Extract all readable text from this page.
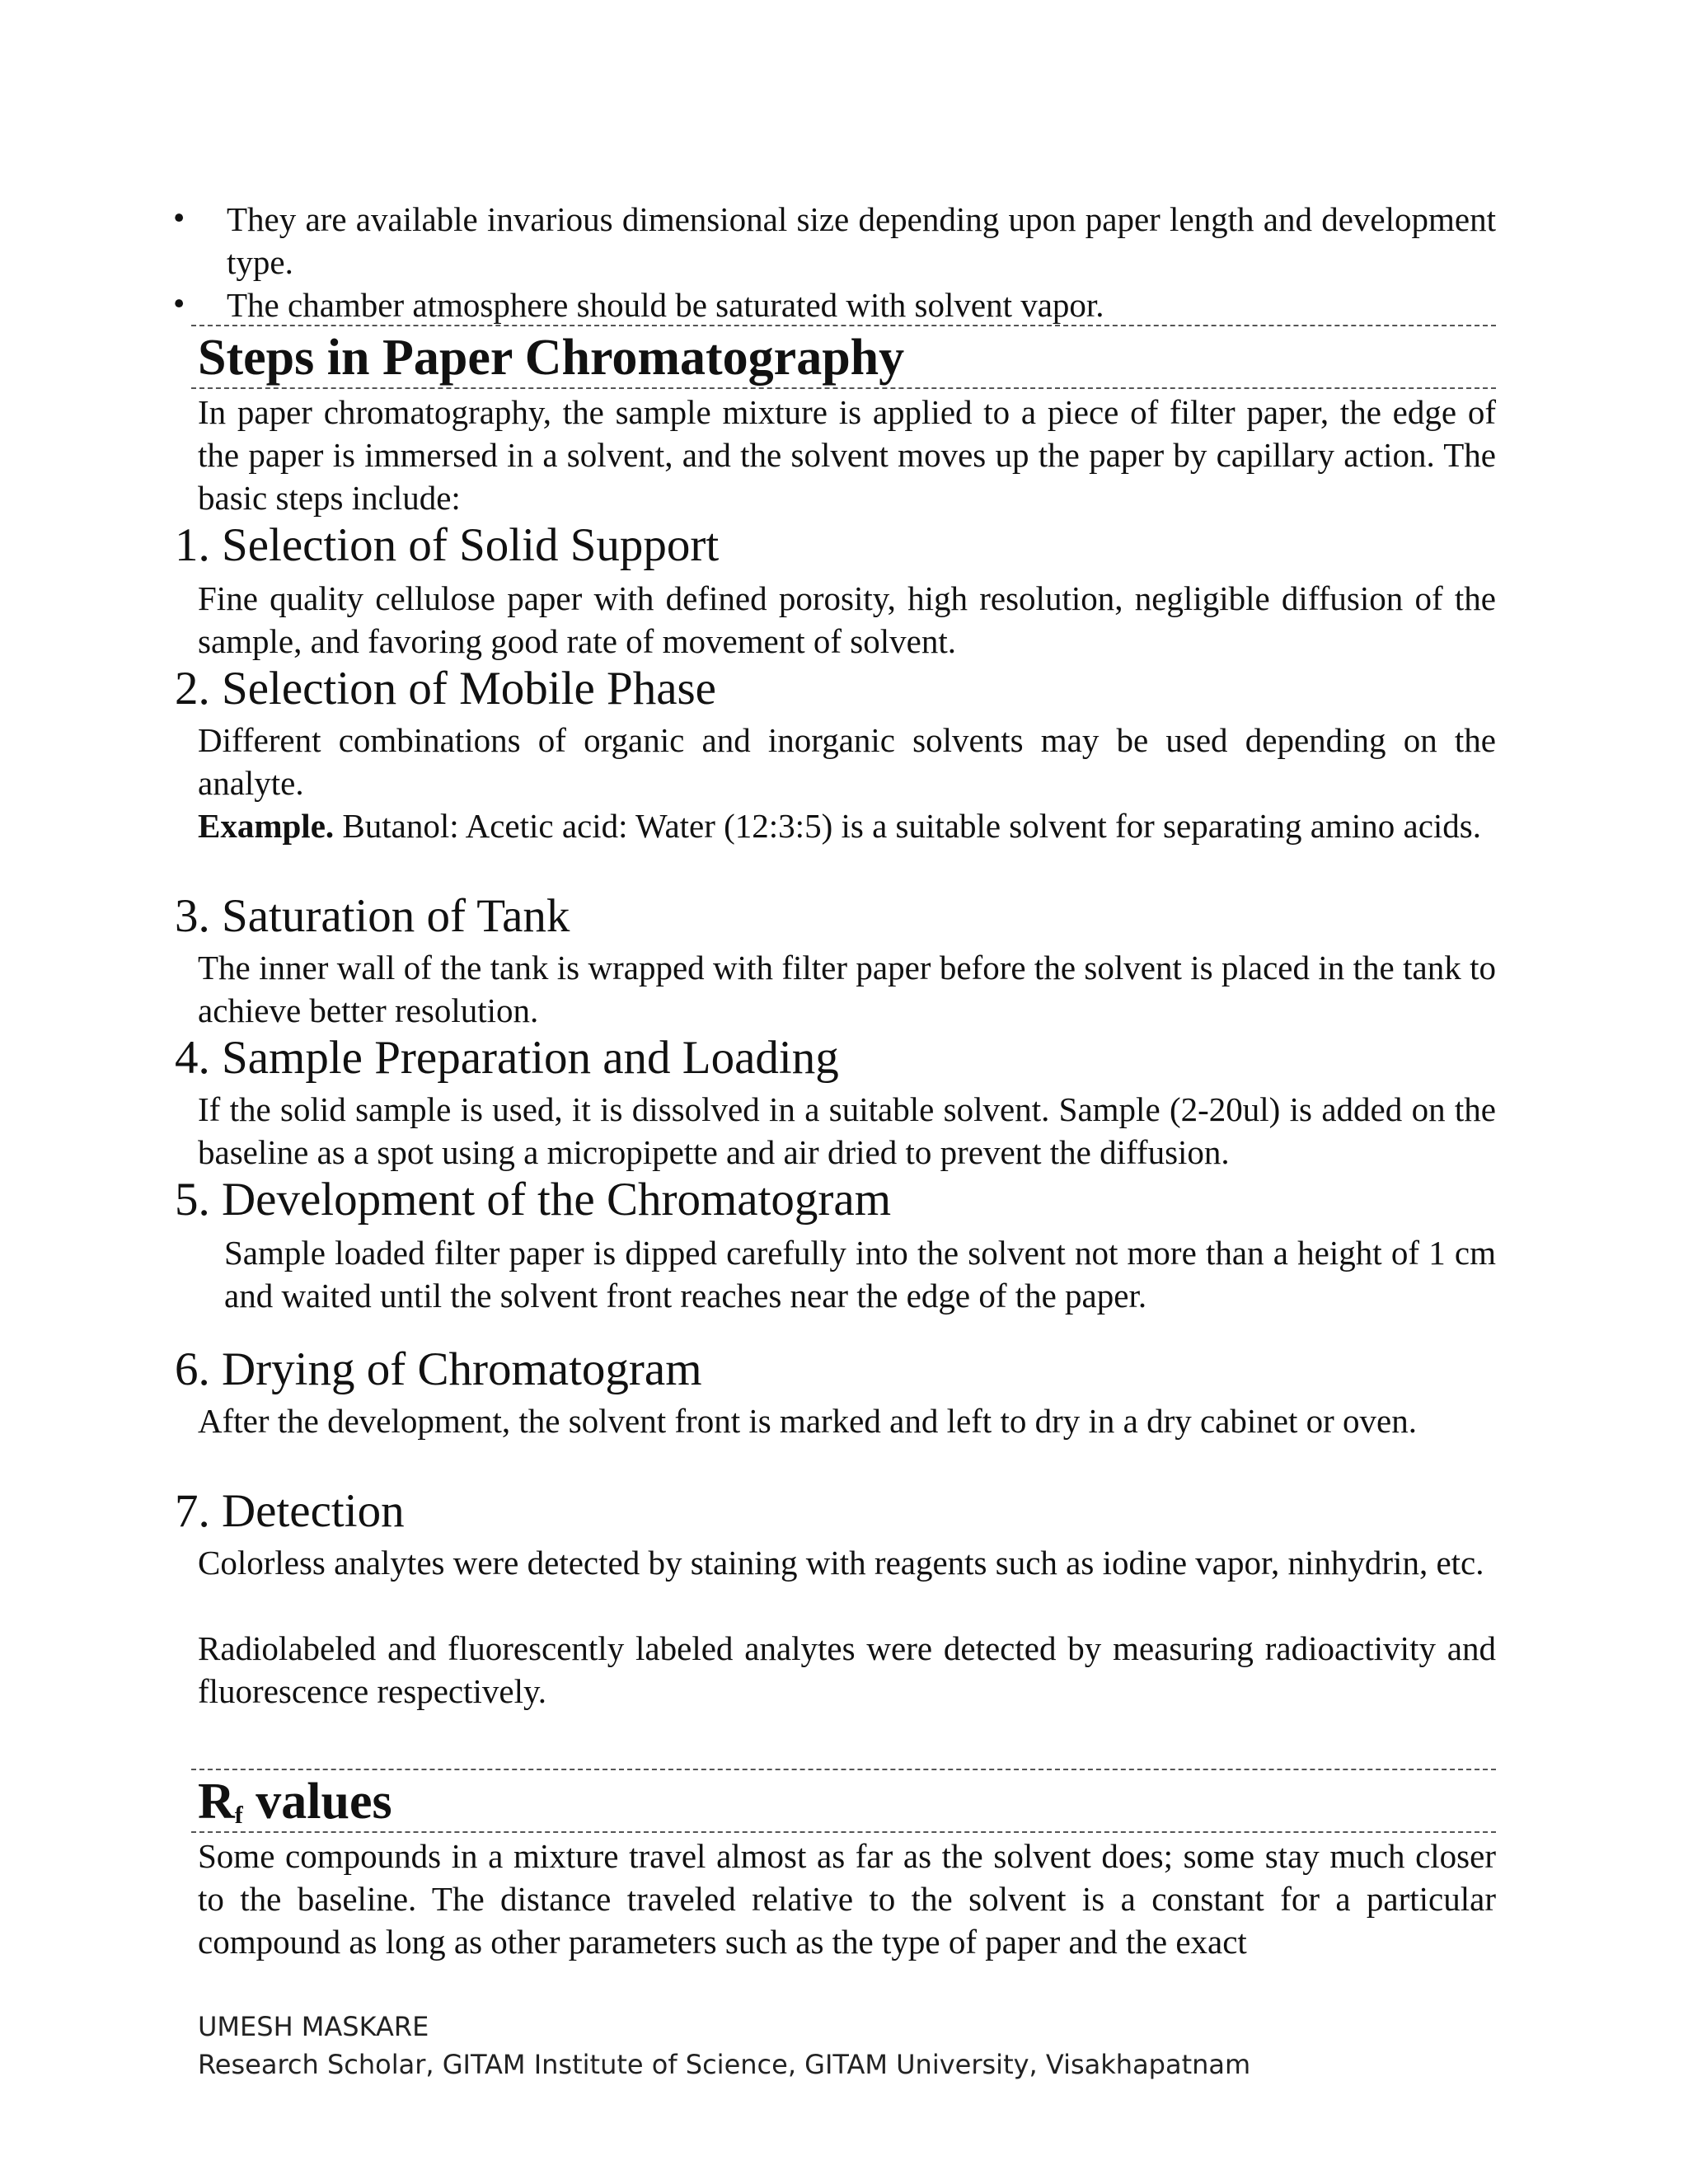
• They are available invarious dimensional size depending upon paper length and development type.

• The chamber atmosphere should be saturated with solvent vapor.

Steps in Paper Chromatography

In paper chromatography, the sample mixture is applied to a piece of filter paper, the edge of the paper is immersed in a solvent, and the solvent moves up the paper by capillary action. The basic steps include:

1. Selection of Solid Support

Fine quality cellulose paper with defined porosity, high resolution, negligible diffusion of the sample, and favoring good rate of movement of solvent.

2. Selection of Mobile Phase

Different combinations of organic and inorganic solvents may be used depending on the analyte.

Example. Butanol: Acetic acid: Water (12:3:5) is a suitable solvent for separating amino acids.

3. Saturation of Tank

The inner wall of the tank is wrapped with filter paper before the solvent is placed in the tank to achieve better resolution.

4. Sample Preparation and Loading

If the solid sample is used, it is dissolved in a suitable solvent. Sample (2-20ul) is added on the baseline as a spot using a micropipette and air dried to prevent the diffusion.

5. Development of the Chromatogram

Sample loaded filter paper is dipped carefully into the solvent not more than a height of 1 cm and waited until the solvent front reaches near the edge of the paper.

6. Drying of Chromatogram

After the development, the solvent front is marked and left to dry in a dry cabinet or oven.

7. Detection

Colorless analytes were detected by staining with reagents such as iodine vapor, ninhydrin, etc.

Radiolabeled and fluorescently labeled analytes were detected by measuring radioactivity and fluorescence respectively.

$R_f$ values

Some compounds in a mixture travel almost as far as the solvent does; some stay much closer to the baseline. The distance traveled relative to the solvent is a constant for a particular compound as long as other parameters such as the type of paper and the exact

UMESH MASKARE
Research Scholar, GITAM Institute of Science, GITAM University, Visakhapatnam
